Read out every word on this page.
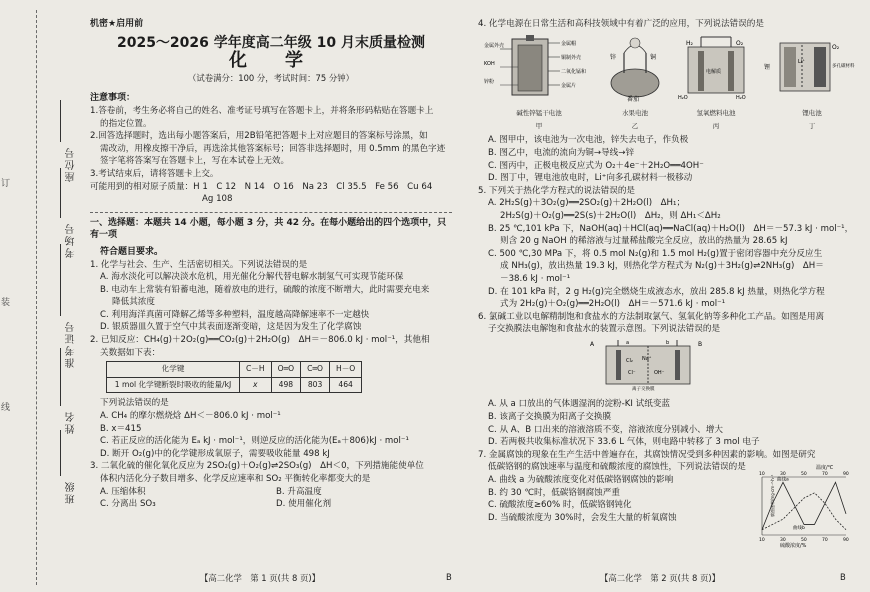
订
装
线
座位号
考场号
准考证号
姓名
班级
机密★启用前
2025～2026 学年度高二年级 10 月末质量检测
化　学
（试卷满分：100 分，考试时间：75 分钟）
注意事项：
1.答卷前，考生务必将自己的姓名、准考证号填写在答题卡上，并将条形码粘贴在答题卡上
的指定位置。
2.回答选择题时，选出每小题答案后，用2B铅笔把答题卡上对应题目的答案标号涂黑，如
需改动，用橡皮擦干净后，再选涂其他答案标号；回答非选择题时，用 0.5mm 的黑色字迹
签字笔将答案写在答题卡上，写在本试卷上无效。
3.考试结束后，请将答题卡上交。
可能用到的相对原子质量：H 1　C 12　N 14　O 16　Na 23　Cl 35.5　Fe 56　Cu 64
Ag 108
一、选择题：本题共 14 小题，每小题 3 分，共 42 分。在每小题给出的四个选项中，只有一项
符合题目要求。
1. 化学与社会、生产、生活密切相关。下列说法错误的是
A. 海水淡化可以解决淡水危机，用光催化分解代替电解水制氢气可实现节能环保
B. 电动车上常装有铅蓄电池，随着放电的进行，硫酸的浓度不断增大，此时需要充电来
降低其浓度
C. 利用海洋真菌可降解乙烯等多种塑料，温度越高降解速率不一定越快
D. 银质器皿久置于空气中其表面逐渐变暗，这是因为发生了化学腐蚀
2. 已知反应：CH₄(g)＋2O₂(g)══CO₂(g)＋2H₂O(g)　ΔH＝－806.0 kJ · mol⁻¹，其他相
关数据如下表：
化学键	C－H	O═O	C═O	H－O
1 mol 化学键断裂时吸收的能量/kJ	x	498	803	464
下列说法错误的是
A. CH₄ 的摩尔燃烧焓 ΔH＜－806.0 kJ · mol⁻¹
B. x＝415
C. 若正反应的活化能为 Eₐ kJ · mol⁻¹，则逆反应的活化能为(Eₐ＋806)kJ · mol⁻¹
D. 断开 O₂(g)中的化学键形成氧原子，需要吸收能量 498 kJ
3. 二氧化硫的催化氧化反应为 2SO₂(g)＋O₂(g)⇌2SO₃(g)　ΔH＜0，下列措施能使单位
体积内活化分子数目增多、化学反应速率和 SO₂ 平衡转化率都变大的是
A. 压缩体积	B. 升高温度
C. 分离出 SO₃	D. 使用催化剂
【高二化学　第 1 页(共 8 页)】	B
4. 化学电源在日常生活和高科技领域中有着广泛的应用，下列说法错误的是
金属外壳
KOH
锌粉
金属帽
铜制外壳
二氧化锰和
金属片
碱性锌锰干电池
甲
锌	铜
番茄
水果电池
乙
H₂	O₂
H₂O
电解质
H₂O
氢氧燃料电池
丙
锂
Li⁺
O₂
多孔碳材料
锂电池
丁
A. 图甲中，该电池为一次电池，锌失去电子，作负极
B. 图乙中，电流的流向为铜→导线→锌
C. 图丙中，正极电极反应式为 O₂＋4e⁻＋2H₂O══4OH⁻
D. 图丁中，锂电池放电时，Li⁺向多孔碳材料一极移动
5. 下列关于热化学方程式的说法错误的是
A. 2H₂S(g)＋3O₂(g)══2SO₂(g)＋2H₂O(l)　ΔH₁；
2H₂S(g)＋O₂(g)══2S(s)＋2H₂O(l)　ΔH₂，则 ΔH₁＜ΔH₂
B. 25 ℃,101 kPa 下，NaOH(aq)＋HCl(aq)══NaCl(aq)＋H₂O(l)　ΔH＝－57.3 kJ · mol⁻¹，
则含 20 g NaOH 的稀溶液与过量稀盐酸完全反应，放出的热量为 28.65 kJ
C. 500 ℃,30 MPa 下，将 0.5 mol N₂(g)和 1.5 mol H₂(g)置于密闭容器中充分反应生
成 NH₃(g)，放出热量 19.3 kJ，则热化学方程式为 N₂(g)＋3H₂(g)⇌2NH₃(g)　ΔH＝
－38.6 kJ · mol⁻¹
D. 在 101 kPa 时，2 g H₂(g)完全燃烧生成液态水，放出 285.8 kJ 热量，则热化学方程
式为 2H₂(g)＋O₂(g)══2H₂O(l)　ΔH＝－571.6 kJ · mol⁻¹
6. 氯碱工业以电解精制饱和食盐水的方法制取氯气、氢氧化钠等多种化工产品。如图是用离
子交换膜法电解饱和食盐水的装置示意图。下列说法错误的是
A	B
a	b
Cl₂ Na⁺
Cl⁻	OH⁻
离子交换膜
A. 从 a 口放出的气体遇湿润的淀粉-KI 试纸变蓝
B. 该离子交换膜为阳离子交换膜
C. 从 A、B 口出来的溶液溶质不变，溶液浓度分别减小、增大
D. 若两极共收集标准状况下 33.6 L 气体，则电路中转移了 3 mol 电子
7. 金属腐蚀的现象在生产生活中普遍存在，其腐蚀情况受到多种因素的影响。如图是研究
低碳铬钢的腐蚀速率与温度和硫酸浓度的腐蚀性，下列说法错误的是
A. 曲线 a 为硫酸浓度变化对低碳铬钢腐蚀的影响
B. 约 30 ℃时，低碳铬钢腐蚀严重
C. 硫酸浓度≥60% 时，低碳铬钢钝化
D. 当硫酸浓度为 30%时，会发生大量的析氧腐蚀
温度/℃
腐蚀速率/mg·cm⁻²·h⁻¹
硫酸浓度/%
10	30	50	70	90
10	30	50	70	90
曲线a
曲线b
【高二化学　第 2 页(共 8 页)】	B
